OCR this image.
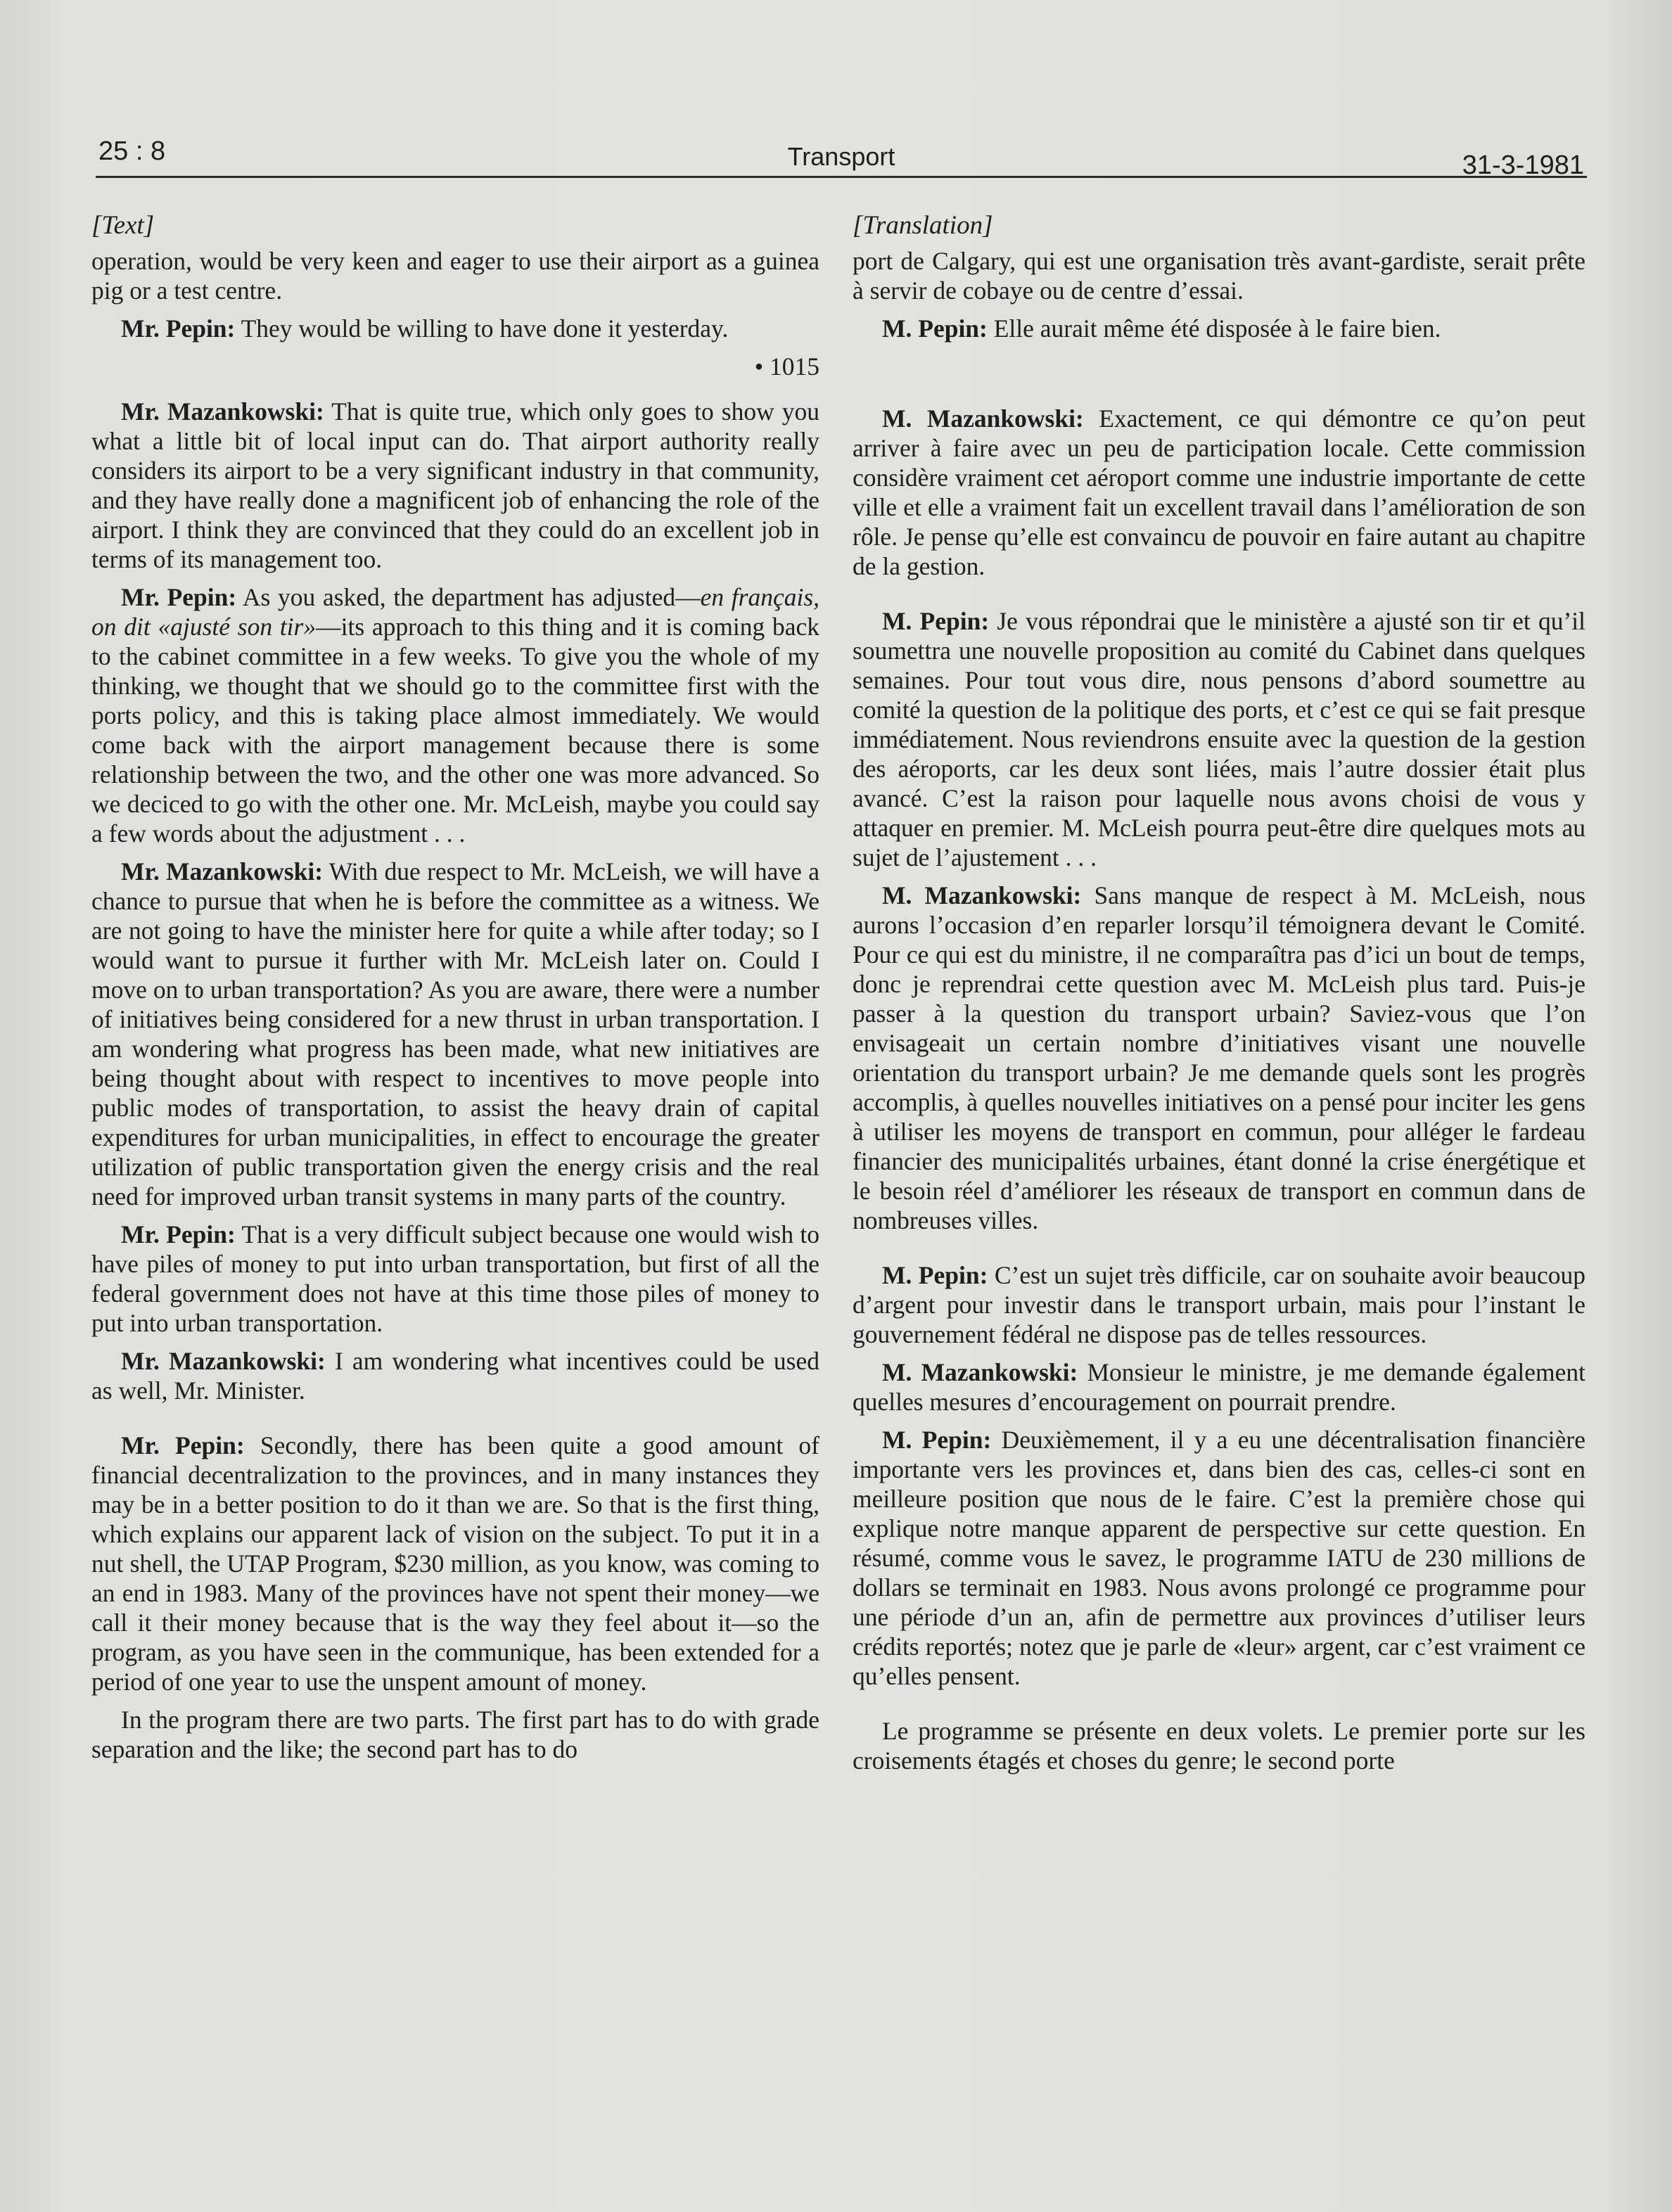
25 : 8	Transport	31-3-1981
[Text]

operation, would be very keen and eager to use their airport as a guinea pig or a test centre.

Mr. Pepin: They would be willing to have done it yesterday.

• 1015

Mr. Mazankowski: That is quite true, which only goes to show you what a little bit of local input can do. That airport authority really considers its airport to be a very significant industry in that community, and they have really done a magnificent job of enhancing the role of the airport. I think they are convinced that they could do an excellent job in terms of its management too.

Mr. Pepin: As you asked, the department has adjusted—en français, on dit «ajusté son tir»—its approach to this thing and it is coming back to the cabinet committee in a few weeks. To give you the whole of my thinking, we thought that we should go to the committee first with the ports policy, and this is taking place almost immediately. We would come back with the airport management because there is some relationship between the two, and the other one was more advanced. So we deciced to go with the other one. Mr. McLeish, maybe you could say a few words about the adjustment . . .

Mr. Mazankowski: With due respect to Mr. McLeish, we will have a chance to pursue that when he is before the committee as a witness. We are not going to have the minister here for quite a while after today; so I would want to pursue it further with Mr. McLeish later on. Could I move on to urban transportation? As you are aware, there were a number of initiatives being considered for a new thrust in urban transportation. I am wondering what progress has been made, what new initiatives are being thought about with respect to incentives to move people into public modes of transportation, to assist the heavy drain of capital expenditures for urban municipalities, in effect to encourage the greater utilization of public transportation given the energy crisis and the real need for improved urban transit systems in many parts of the country.

Mr. Pepin: That is a very difficult subject because one would wish to have piles of money to put into urban transportation, but first of all the federal government does not have at this time those piles of money to put into urban transportation.

Mr. Mazankowski: I am wondering what incentives could be used as well, Mr. Minister.

Mr. Pepin: Secondly, there has been quite a good amount of financial decentralization to the provinces, and in many instances they may be in a better position to do it than we are. So that is the first thing, which explains our apparent lack of vision on the subject. To put it in a nut shell, the UTAP Program, $230 million, as you know, was coming to an end in 1983. Many of the provinces have not spent their money—we call it their money because that is the way they feel about it—so the program, as you have seen in the communique, has been extended for a period of one year to use the unspent amount of money.

In the program there are two parts. The first part has to do with grade separation and the like; the second part has to do

[Translation]

port de Calgary, qui est une organisation très avant-gardiste, serait prête à servir de cobaye ou de centre d’essai.

M. Pepin: Elle aurait même été disposée à le faire bien.

M. Mazankowski: Exactement, ce qui démontre ce qu’on peut arriver à faire avec un peu de participation locale. Cette commission considère vraiment cet aéroport comme une industrie importante de cette ville et elle a vraiment fait un excellent travail dans l’amélioration de son rôle. Je pense qu’elle est convaincu de pouvoir en faire autant au chapitre de la gestion.

M. Pepin: Je vous répondrai que le ministère a ajusté son tir et qu’il soumettra une nouvelle proposition au comité du Cabinet dans quelques semaines. Pour tout vous dire, nous pensons d’abord soumettre au comité la question de la politique des ports, et c’est ce qui se fait presque immédiatement. Nous reviendrons ensuite avec la question de la gestion des aéroports, car les deux sont liées, mais l’autre dossier était plus avancé. C’est la raison pour laquelle nous avons choisi de vous y attaquer en premier. M. McLeish pourra peut-être dire quelques mots au sujet de l’ajustement . . .

M. Mazankowski: Sans manque de respect à M. McLeish, nous aurons l’occasion d’en reparler lorsqu’il témoignera devant le Comité. Pour ce qui est du ministre, il ne comparaîtra pas d’ici un bout de temps, donc je reprendrai cette question avec M. McLeish plus tard. Puis-je passer à la question du transport urbain? Saviez-vous que l’on envisageait un certain nombre d’initiatives visant une nouvelle orientation du transport urbain? Je me demande quels sont les progrès accomplis, à quelles nouvelles initiatives on a pensé pour inciter les gens à utiliser les moyens de transport en commun, pour alléger le fardeau financier des municipalités urbaines, étant donné la crise énergétique et le besoin réel d’améliorer les réseaux de transport en commun dans de nombreuses villes.

M. Pepin: C’est un sujet très difficile, car on souhaite avoir beaucoup d’argent pour investir dans le transport urbain, mais pour l’instant le gouvernement fédéral ne dispose pas de telles ressources.

M. Mazankowski: Monsieur le ministre, je me demande également quelles mesures d’encouragement on pourrait prendre.

M. Pepin: Deuxièmement, il y a eu une décentralisation financière importante vers les provinces et, dans bien des cas, celles-ci sont en meilleure position que nous de le faire. C’est la première chose qui explique notre manque apparent de perspective sur cette question. En résumé, comme vous le savez, le programme IATU de 230 millions de dollars se terminait en 1983. Nous avons prolongé ce programme pour une période d’un an, afin de permettre aux provinces d’utiliser leurs crédits reportés; notez que je parle de «leur» argent, car c’est vraiment ce qu’elles pensent.

Le programme se présente en deux volets. Le premier porte sur les croisements étagés et choses du genre; le second porte
